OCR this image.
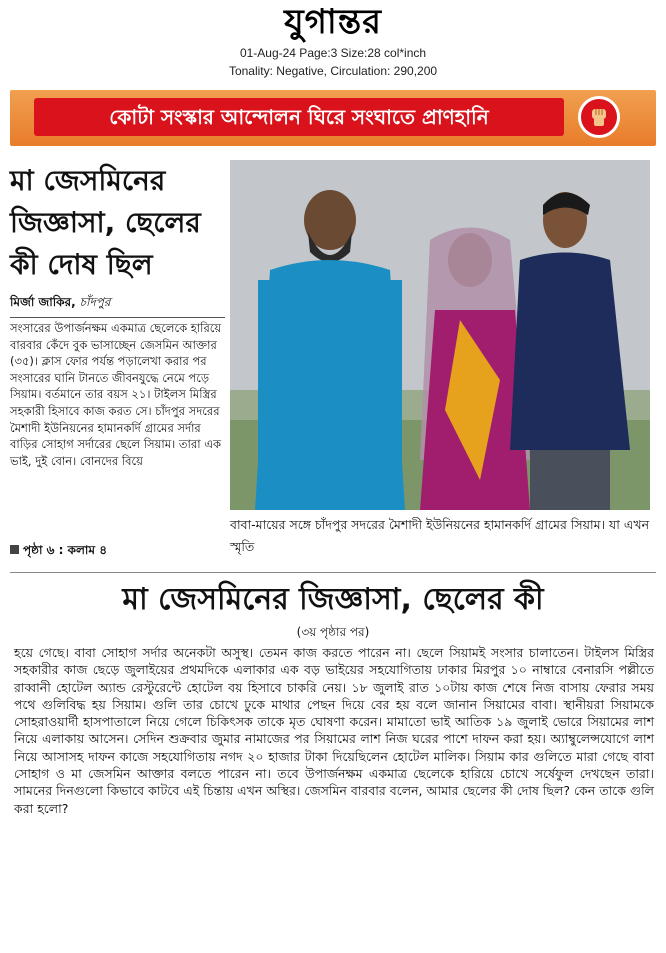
যুগান্তর
01-Aug-24 Page:3 Size:28 col*inch
Tonality: Negative, Circulation: 290,200
কোটা সংস্কার আন্দোলন ঘিরে সংঘাতে প্রাণহানি
মা জেসমিনের জিজ্ঞাসা, ছেলের কী দোষ ছিল
মির্জা জাকির, চাঁদপুর
সংসারের উপার্জনক্ষম একমাত্র ছেলেকে হারিয়ে বারবার কেঁদে বুক ভাসাচ্ছেন জেসমিন আক্তার (৩৫)। ক্লাস ফোর পর্যন্ত পড়ালেখা করার পর সংসারের ঘানি টানতে জীবনযুদ্ধে নেমে পড়ে সিয়াম। বর্তমানে তার বয়স ২১। টাইলস মিস্ত্রির সহকারী হিসাবে কাজ করত সে। চাঁদপুর সদরের মৈশাদী ইউনিয়নের হামানকর্দি গ্রামের সর্দার বাড়ির সোহাগ সর্দারের ছেলে সিয়াম। তারা এক ভাই, দুই বোন। বোনদের বিয়ে
পৃষ্ঠা ৬ : কলাম ৪
বাবা-মায়ের সঙ্গে চাঁদপুর সদরের মৈশাদী ইউনিয়নের হামানকর্দি গ্রামের সিয়াম। যা এখন স্মৃতি
মা জেসমিনের জিজ্ঞাসা, ছেলের কী
(৩য় পৃষ্ঠার পর)
হয়ে গেছে। বাবা সোহাগ সর্দার অনেকটা অসুস্থ। তেমন কাজ করতে পারেন না। ছেলে সিয়ামই সংসার চালাতেন। টাইলস মিস্ত্রির সহকারীর কাজ ছেড়ে জুলাইয়ের প্রথমদিকে এলাকার এক বড় ভাইয়ের সহযোগিতায় ঢাকার মিরপুর ১০ নাম্বারে বেনারসি পল্লীতে রাব্বানী হোটেল অ্যান্ড রেস্টুরেন্টে হোটেল বয় হিসাবে চাকরি নেয়। ১৮ জুলাই রাত ১০টায় কাজ শেষে নিজ বাসায় ফেরার সময় পথে গুলিবিদ্ধ হয় সিয়াম। গুলি তার চোখে ঢুকে মাথার পেছন দিয়ে বের হয় বলে জানান সিয়ামের বাবা। স্থানীয়রা সিয়ামকে সোহরাওয়ার্দী হাসপাতালে নিয়ে গেলে চিকিৎসক তাকে মৃত ঘোষণা করেন। মামাতো ভাই আতিক ১৯ জুলাই ভোরে সিয়ামের লাশ নিয়ে এলাকায় আসেন। সেদিন শুক্রবার জুমার নামাজের পর সিয়ামের লাশ নিজ ঘরের পাশে দাফন করা হয়। অ্যাম্বুলেন্সযোগে লাশ নিয়ে আসাসহ দাফন কাজে সহযোগিতায় নগদ ২০ হাজার টাকা দিয়েছিলেন হোটেল মালিক। সিয়াম কার গুলিতে মারা গেছে বাবা সোহাগ ও মা জেসমিন আক্তার বলতে পারেন না। তবে উপার্জনক্ষম একমাত্র ছেলেকে হারিয়ে চোখে সর্ষেফুল দেখছেন তারা। সামনের দিনগুলো কিভাবে কাটবে এই চিন্তায় এখন অস্থির। জেসমিন বারবার বলেন, আমার ছেলের কী দোষ ছিল? কেন তাকে গুলি করা হলো?
